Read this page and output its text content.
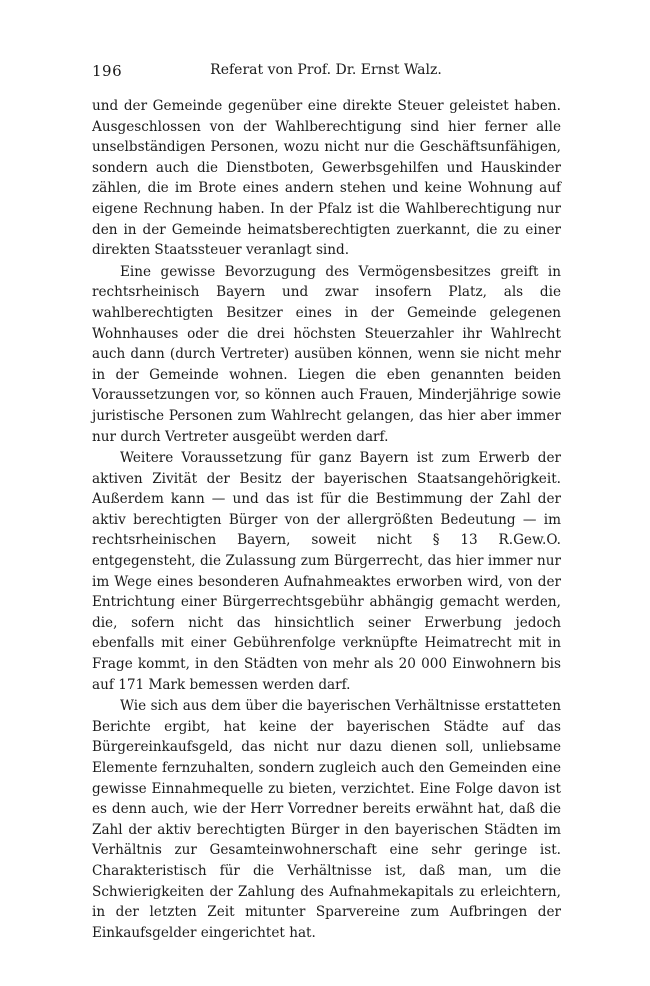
196	Referat von Prof. Dr. Ernst Walz.

und der Gemeinde gegenüber eine direkte Steuer geleistet haben. Ausgeschlossen von der Wahlberechtigung sind hier ferner alle unselbständigen Personen, wozu nicht nur die Geschäftsunfähigen, sondern auch die Dienstboten, Gewerbsgehilfen und Hauskinder zählen, die im Brote eines andern stehen und keine Wohnung auf eigene Rechnung haben. In der Pfalz ist die Wahlberechtigung nur den in der Gemeinde heimatsberechtigten zuerkannt, die zu einer direkten Staatssteuer veranlagt sind.

Eine gewisse Bevorzugung des Vermögensbesitzes greift in rechtsrheinisch Bayern und zwar insofern Platz, als die wahlberechtigten Besitzer eines in der Gemeinde gelegenen Wohnhauses oder die drei höchsten Steuerzahler ihr Wahlrecht auch dann (durch Vertreter) ausüben können, wenn sie nicht mehr in der Gemeinde wohnen. Liegen die eben genannten beiden Voraussetzungen vor, so können auch Frauen, Minderjährige sowie juristische Personen zum Wahlrecht gelangen, das hier aber immer nur durch Vertreter ausgeübt werden darf.

Weitere Voraussetzung für ganz Bayern ist zum Erwerb der aktiven Zivität der Besitz der bayerischen Staatsangehörigkeit. Außerdem kann — und das ist für die Bestimmung der Zahl der aktiv berechtigten Bürger von der allergrößten Bedeutung — im rechtsrheinischen Bayern, soweit nicht § 13 R.Gew.O. entgegensteht, die Zulassung zum Bürgerrecht, das hier immer nur im Wege eines besonderen Aufnahmeaktes erworben wird, von der Entrichtung einer Bürgerrechtsgebühr abhängig gemacht werden, die, sofern nicht das hinsichtlich seiner Erwerbung jedoch ebenfalls mit einer Gebührenfolge verknüpfte Heimatrecht mit in Frage kommt, in den Städten von mehr als 20 000 Einwohnern bis auf 171 Mark bemessen werden darf.

Wie sich aus dem über die bayerischen Verhältnisse erstatteten Berichte ergibt, hat keine der bayerischen Städte auf das Bürgereinkaufsgeld, das nicht nur dazu dienen soll, unliebsame Elemente fernzuhalten, sondern zugleich auch den Gemeinden eine gewisse Einnahmequelle zu bieten, verzichtet. Eine Folge davon ist es denn auch, wie der Herr Vorredner bereits erwähnt hat, daß die Zahl der aktiv berechtigten Bürger in den bayerischen Städten im Verhältnis zur Gesamteinwohnerschaft eine sehr geringe ist. Charakteristisch für die Verhältnisse ist, daß man, um die Schwierigkeiten der Zahlung des Aufnahmekapitals zu erleichtern, in der letzten Zeit mitunter Sparvereine zum Aufbringen der Einkaufsgelder eingerichtet hat.
